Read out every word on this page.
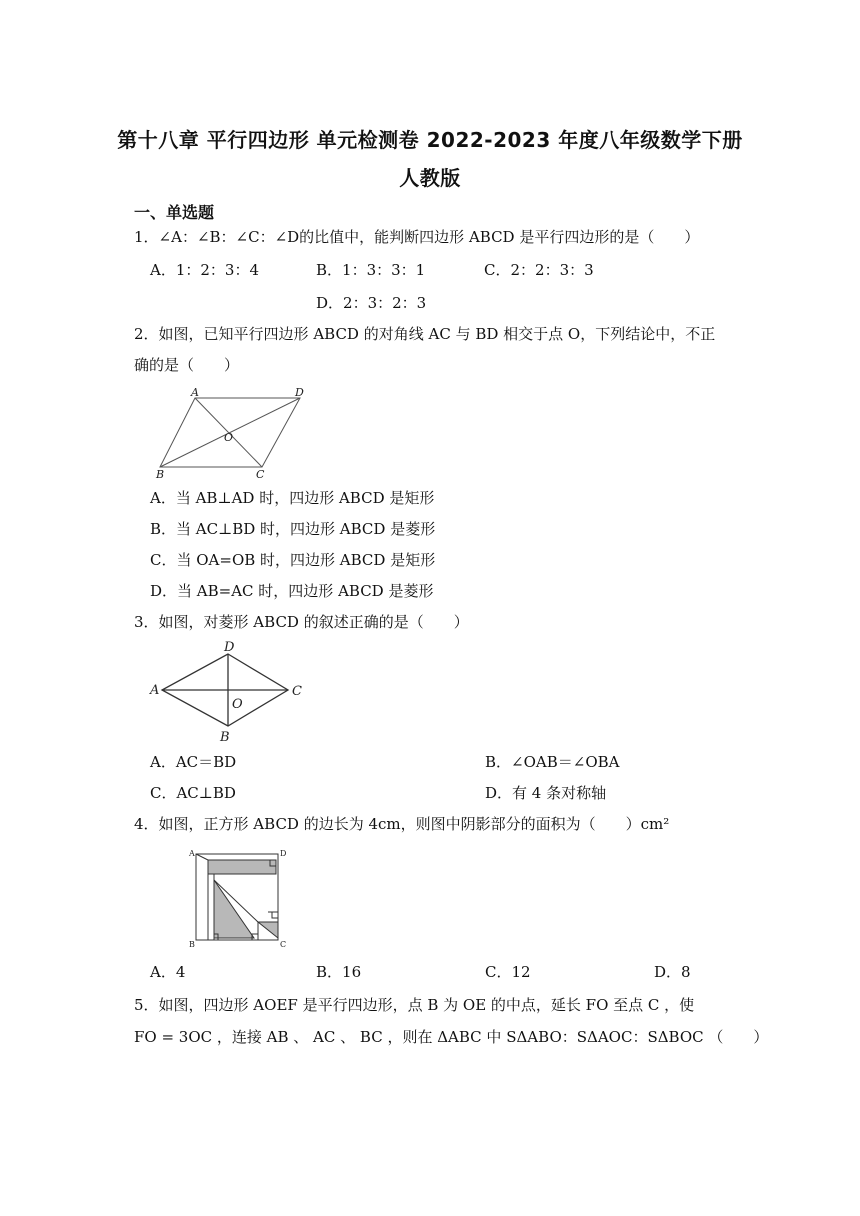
第十八章 平行四边形 单元检测卷 2022-2023 年度八年级数学下册
人教版
一、单选题
1．∠A：∠B：∠C：∠D的比值中，能判断四边形 ABCD 是平行四边形的是（　　）
A．1：2：3：4	B．1：3：3：1	C．2：2：3：3
D．2：3：2：3
2．如图，已知平行四边形 ABCD 的对角线 AC 与 BD 相交于点 O，下列结论中，不正
确的是（　　）
A	D
O
B	C
A．当 AB⊥AD 时，四边形 ABCD 是矩形
B．当 AC⊥BD 时，四边形 ABCD 是菱形
C．当 OA=OB 时，四边形 ABCD 是矩形
D．当 AB=AC 时，四边形 ABCD 是菱形
3．如图，对菱形 ABCD 的叙述正确的是（　　）
D
A	C
O
B
A．AC＝BD	B．∠OAB＝∠OBA
C．AC⊥BD	D．有 4 条对称轴
4．如图，正方形 ABCD 的边长为 4cm，则图中阴影部分的面积为（　　）cm²
A	D
B	C
A．4	B．16	C．12	D．8
5．如图，四边形 AOEF 是平行四边形，点 B 为 OE 的中点，延长 FO 至点 C ，使
FO = 3OC ，连接 AB 、 AC 、 BC ，则在 ΔABC 中 SΔABO：SΔAOC：SΔBOC （　　）
